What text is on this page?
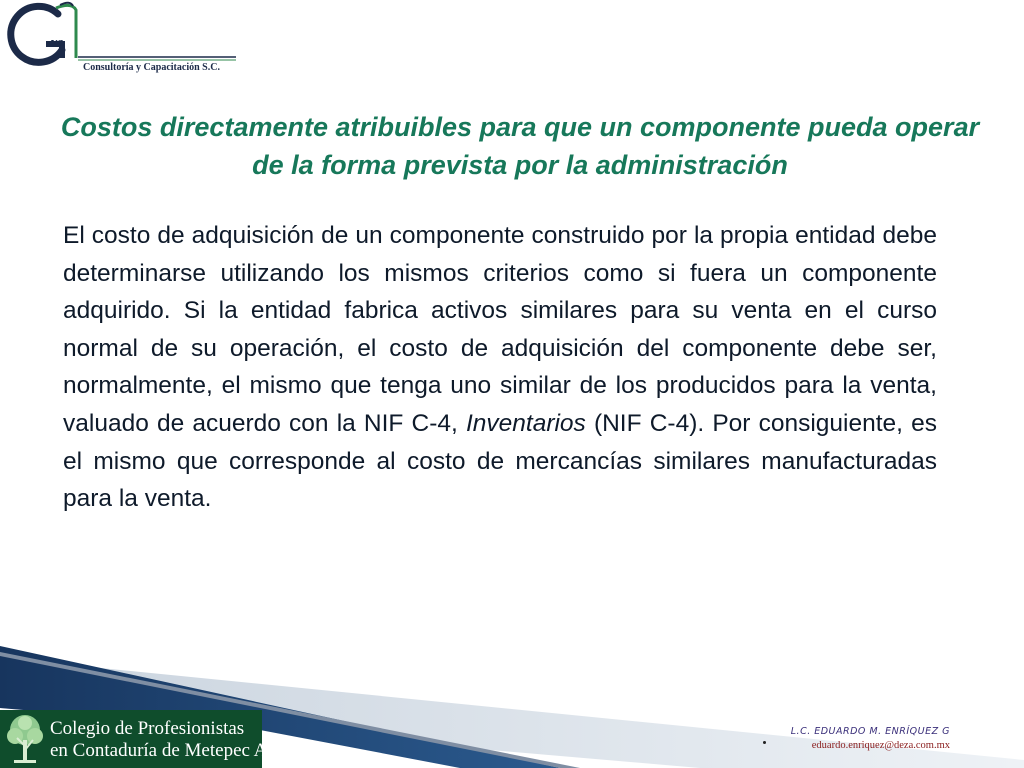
va
Consultoría y Capacitación S.C.
Costos directamente atribuibles para que un componente pueda operar de la forma prevista por la administración

El costo de adquisición de un componente construido por la propia entidad debe determinarse utilizando los mismos criterios como si fuera un componente adquirido. Si la entidad fabrica activos similares para su venta en el curso normal de su operación, el costo de adquisición del componente debe ser, normalmente, el mismo que tenga uno similar de los producidos para la venta, valuado de acuerdo con la NIF C-4, Inventarios (NIF C-4). Por consiguiente, es el mismo que corresponde al costo de mercancías similares manufacturadas para la venta.

Colegio de Profesionistas
en Contaduría de Metepec A.C.
L.C. EDUARDO M. ENRÍQUEZ G
eduardo.enriquez@deza.com.mx
